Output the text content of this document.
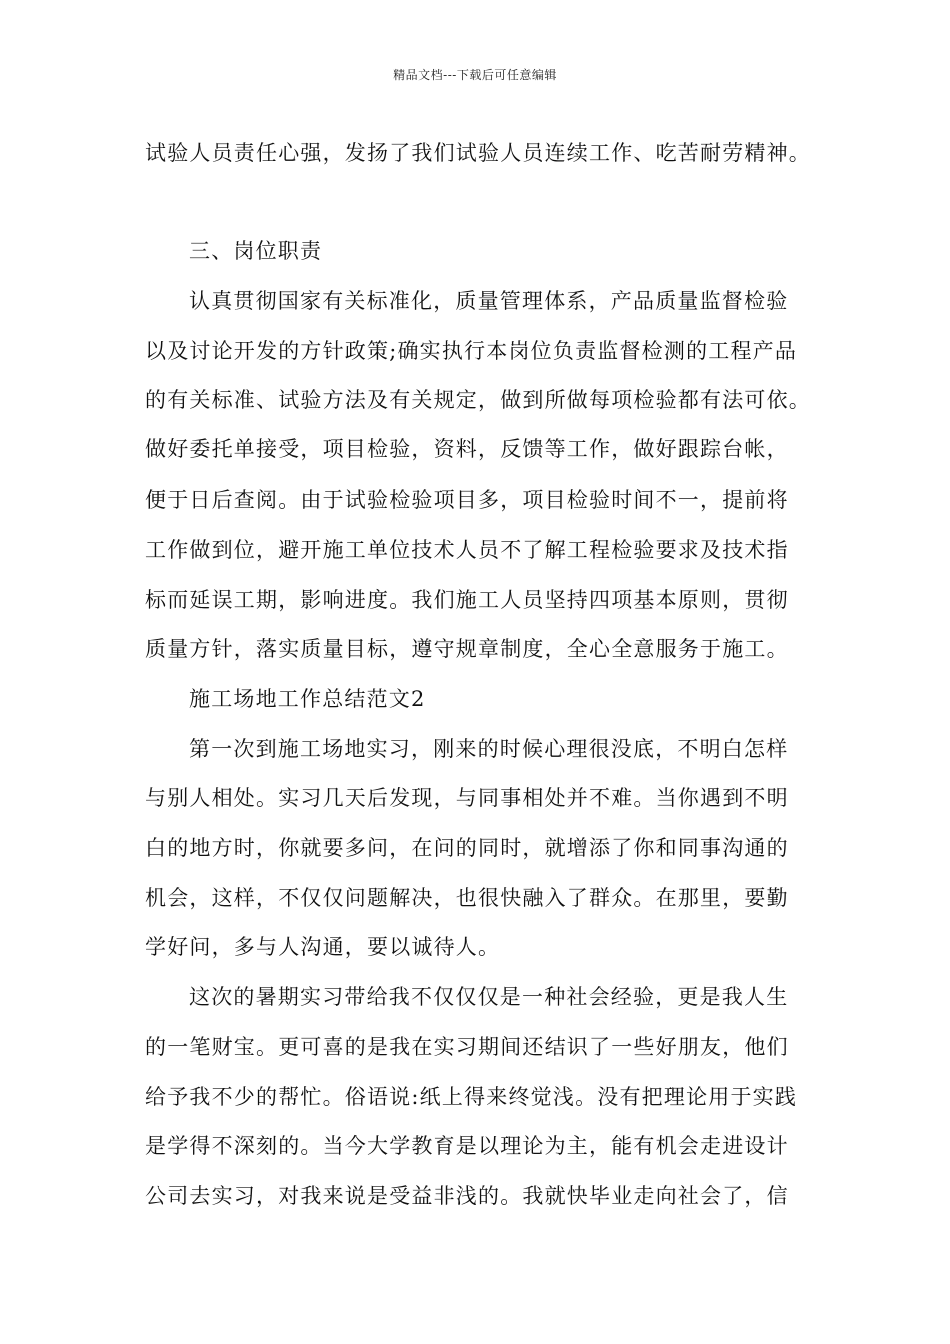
精品文档---下载后可任意编辑
试验人员责任心强，发扬了我们试验人员连续工作、吃苦耐劳精神。
三、岗位职责
认真贯彻国家有关标准化，质量管理体系，产品质量监督检验
以及讨论开发的方针政策;确实执行本岗位负责监督检测的工程产品
的有关标准、试验方法及有关规定，做到所做每项检验都有法可依。
做好委托单接受，项目检验，资料，反馈等工作，做好跟踪台帐，
便于日后查阅。由于试验检验项目多，项目检验时间不一，提前将
工作做到位，避开施工单位技术人员不了解工程检验要求及技术指
标而延误工期，影响进度。我们施工人员坚持四项基本原则，贯彻
质量方针，落实质量目标，遵守规章制度，全心全意服务于施工。
施工场地工作总结范文2
第一次到施工场地实习，刚来的时候心理很没底，不明白怎样
与别人相处。实习几天后发现，与同事相处并不难。当你遇到不明
白的地方时，你就要多问，在问的同时，就增添了你和同事沟通的
机会，这样，不仅仅问题解决，也很快融入了群众。在那里，要勤
学好问，多与人沟通，要以诚待人。
这次的暑期实习带给我不仅仅仅是一种社会经验，更是我人生
的一笔财宝。更可喜的是我在实习期间还结识了一些好朋友，他们
给予我不少的帮忙。俗语说:纸上得来终觉浅。没有把理论用于实践
是学得不深刻的。当今大学教育是以理论为主，能有机会走进设计
公司去实习，对我来说是受益非浅的。我就快毕业走向社会了，信
